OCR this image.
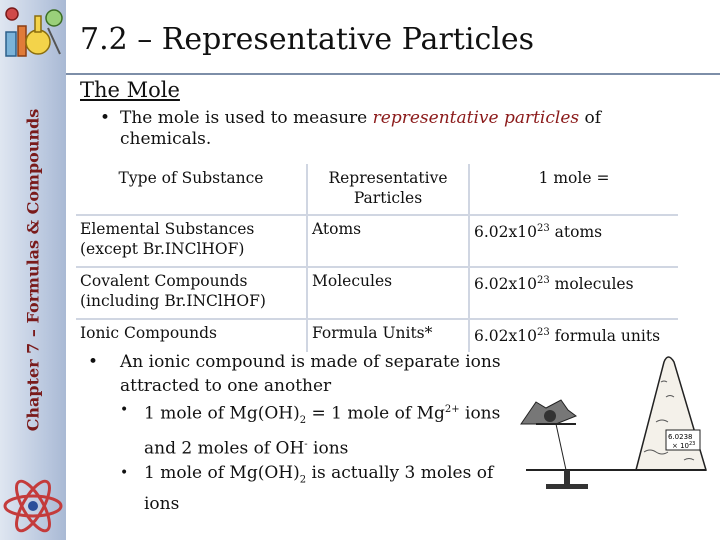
Chapter 7 – Formulas & Compounds
7.2 – Representative Particles
The Mole
• The mole is used to measure representative particles of chemicals.
Type of Substance	Representative Particles	1 mole =
Elemental Substances (except Br.INClHOF)	Atoms	$6.02x10^{23}$ atoms
Covalent Compounds (including Br.INClHOF)	Molecules	$6.02x10^{23}$ molecules
Ionic Compounds	Formula Units*	$6.02x10^{23}$ formula units
• An ionic compound is made of separate ions attracted to one another
• 1 mole of $Mg(OH)_2 = 1$ mole of $Mg^{2+}$ ions and 2 moles of OH- ions
• 1 mole of $Mg(OH)_2$ is actually 3 moles of ions
6.0238
× $10^{23}$
